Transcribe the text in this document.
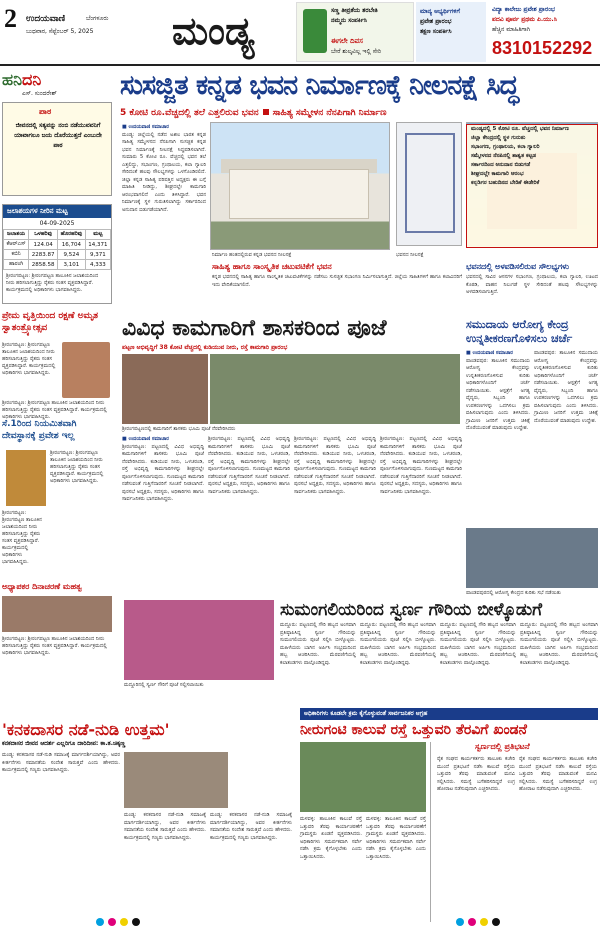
2 ಉದಯವಾಣಿ	ಬೆಂಗಳೂರು
ಬುಧವಾರ, ಸೆಪ್ಟೆಂಬರ್ 5, 2025 ಮಂಡ್ಯ	ಸಣ್ಣ ತೀವ್ರತೆಯ ತರಬೇತಿ
ನಮ್ಮನು ಸಂಪರ್ಕಿಸಿ
ಈಗಲೇ ದಿವಸ
ಬೇರೆ ಶುಲ್ಕವಿಲ್ಲ ಇಲ್ಲಿ ಸೇರಿ
ಮಾನ್ಯ ಅಭ್ಯರ್ಥಿಗಳಿಗೆ
ಪ್ರವೇಶ ಪ್ರಾರಂಭ
ತಕ್ಷಣ ಸಂಪರ್ಕಿಸಿ
ವಿದ್ಯಾ ಕಾಲೇಜು ಪ್ರವೇಶ ಪ್ರಾರಂಭ
ಪದವಿ ಪೂರ್ವ ಪ್ರಥಮ ಪಿ.ಯು.ಸಿ
ಹೆಚ್ಚಿನ ಮಾಹಿತಿಗಾಗಿ
8310152292
ಹನಿದನಿ
ಎಸ್. ಸುಂದರೇಶ್
ಪಾಠ
ಜೀವನದಲ್ಲಿ ಸತ್ಯವನ್ನು ನಂಬಿ ನಡೆಯುವವನಿಗೆ ಯಾವಾಗಲೂ ಜಯ ದೊರೆಯುತ್ತದೆ ಎಂಬುದೇ ಪಾಠ
ಜಲಾಶಯಗಳ ನೀರಿನ ಮಟ್ಟ
04-09-2025
ಜಲಾಶಯ	ಒಳಹರಿವು	ಹೊರಹರಿವು	ಮಟ್ಟ
ಕೆಆರ್‌ಎಸ್	124.04	16,704	14,371
ಕಬಿನಿ	2283.87	9,524	9,371
ಹಾರಂಗಿ	2858.58	3,101	4,333
ಶ್ರೀರಂಗಪಟ್ಟಣ: ಶ್ರೀರಂಗಪಟ್ಟಣ ತಾಲೂಕಿನ ಜಲಾಶಯದಿಂದ ನೀರು ಹರಿಸಲಾಗುತ್ತಿದ್ದು ರೈತರು ಸಂತಸ ವ್ಯಕ್ತಪಡಿಸಿದ್ದಾರೆ. ಕಾರ್ಯಕ್ರಮದಲ್ಲಿ ಅಧಿಕಾರಿಗಳು ಭಾಗವಹಿಸಿದ್ದರು.
ಪ್ರೇಮ ವೃತ್ತಿಯಿಂದ ರಕ್ಷಣೆ ಅಮೃತ ಸ್ವಾತಂತ್ರ್ಯೋತ್ಸವ
ಶ್ರೀರಂಗಪಟ್ಟಣ: ಶ್ರೀರಂಗಪಟ್ಟಣ ತಾಲೂಕಿನ ಜಲಾಶಯದಿಂದ ನೀರು ಹರಿಸಲಾಗುತ್ತಿದ್ದು ರೈತರು ಸಂತಸ ವ್ಯಕ್ತಪಡಿಸಿದ್ದಾರೆ. ಕಾರ್ಯಕ್ರಮದಲ್ಲಿ ಅಧಿಕಾರಿಗಳು ಭಾಗವಹಿಸಿದ್ದರು.
ಶ್ರೀರಂಗಪಟ್ಟಣ: ಶ್ರೀರಂಗಪಟ್ಟಣ ತಾಲೂಕಿನ ಜಲಾಶಯದಿಂದ ನೀರು ಹರಿಸಲಾಗುತ್ತಿದ್ದು ರೈತರು ಸಂತಸ ವ್ಯಕ್ತಪಡಿಸಿದ್ದಾರೆ. ಕಾರ್ಯಕ್ರಮದಲ್ಲಿ ಅಧಿಕಾರಿಗಳು ಭಾಗವಹಿಸಿದ್ದರು.
ಸೆ.1ರಿಂದ ನಿಯಮಿತವಾಗಿ ದೇವಸ್ಥಾನಕ್ಕೆ ಪ್ರವೇಶ ಇಲ್ಲ
ಶ್ರೀರಂಗಪಟ್ಟಣ: ಶ್ರೀರಂಗಪಟ್ಟಣ ತಾಲೂಕಿನ ಜಲಾಶಯದಿಂದ ನೀರು ಹರಿಸಲಾಗುತ್ತಿದ್ದು ರೈತರು ಸಂತಸ ವ್ಯಕ್ತಪಡಿಸಿದ್ದಾರೆ. ಕಾರ್ಯಕ್ರಮದಲ್ಲಿ ಅಧಿಕಾರಿಗಳು ಭಾಗವಹಿಸಿದ್ದರು.
ಶ್ರೀರಂಗಪಟ್ಟಣ: ಶ್ರೀರಂಗಪಟ್ಟಣ ತಾಲೂಕಿನ ಜಲಾಶಯದಿಂದ ನೀರು ಹರಿಸಲಾಗುತ್ತಿದ್ದು ರೈತರು ಸಂತಸ ವ್ಯಕ್ತಪಡಿಸಿದ್ದಾರೆ. ಕಾರ್ಯಕ್ರಮದಲ್ಲಿ ಅಧಿಕಾರಿಗಳು ಭಾಗವಹಿಸಿದ್ದರು.
ಅಧ್ಯಾಪಕರ ದಿನಾಚರಣೆ ಮಹತ್ವ
ಶ್ರೀರಂಗಪಟ್ಟಣ: ಶ್ರೀರಂಗಪಟ್ಟಣ ತಾಲೂಕಿನ ಜಲಾಶಯದಿಂದ ನೀರು ಹರಿಸಲಾಗುತ್ತಿದ್ದು ರೈತರು ಸಂತಸ ವ್ಯಕ್ತಪಡಿಸಿದ್ದಾರೆ. ಕಾರ್ಯಕ್ರಮದಲ್ಲಿ ಅಧಿಕಾರಿಗಳು ಭಾಗವಹಿಸಿದ್ದರು.
ಸುಸಜ್ಜಿತ ಕನ್ನಡ ಭವನ ನಿರ್ಮಾಣಕ್ಕೆ ನೀಲನಕ್ಷೆ ಸಿದ್ಧ
5 ಕೋಟಿ ರೂ.ವೆಚ್ಚದಲ್ಲಿ ತಲೆ ಎತ್ತಲಿರುವ ಭವನ ಸಾಹಿತ್ಯ ಸಮ್ಮೇಳನ ನೆನಪಿಗಾಗಿ ನಿರ್ಮಾಣ
■ ಉದಯವಾಣಿ ಸಮಾಚಾರ
ಮಂಡ್ಯ: ಜಿಲ್ಲೆಯಲ್ಲಿ ನಡೆದ ಅಖಿಲ ಭಾರತ ಕನ್ನಡ ಸಾಹಿತ್ಯ ಸಮ್ಮೇಳನದ ನೆನಪಿಗಾಗಿ ಸುಸಜ್ಜಿತ ಕನ್ನಡ ಭವನ ನಿರ್ಮಾಣಕ್ಕೆ ನೀಲನಕ್ಷೆ ಸಿದ್ಧಪಡಿಸಲಾಗಿದೆ. ಸುಮಾರು 5 ಕೋಟಿ ರೂ. ವೆಚ್ಚದಲ್ಲಿ ಭವನ ತಲೆ ಎತ್ತಲಿದ್ದು, ಸಭಾಂಗಣ, ಗ್ರಂಥಾಲಯ, ಕಲಾ ಗ್ಯಾಲರಿ ಸೇರಿದಂತೆ ಹಲವು ಸೌಲಭ್ಯಗಳನ್ನು ಒಳಗೊಂಡಿರಲಿದೆ. ಜಿಲ್ಲಾ ಕನ್ನಡ ಸಾಹಿತ್ಯ ಪರಿಷತ್ತಿನ ಅಧ್ಯಕ್ಷರು ಈ ಬಗ್ಗೆ ಮಾಹಿತಿ ನೀಡಿದ್ದು, ಶೀಘ್ರದಲ್ಲೇ ಕಾಮಗಾರಿ ಆರಂಭವಾಗಲಿದೆ ಎಂದು ತಿಳಿಸಿದ್ದಾರೆ. ಭವನ ನಿರ್ಮಾಣಕ್ಕೆ ಸ್ಥಳ ಗುರುತಿಸಲಾಗಿದ್ದು ಸರ್ಕಾರದಿಂದ ಅನುದಾನ ಬಿಡುಗಡೆಯಾಗಿದೆ.
ನಿರ್ಮಾಣ ಹಂತದಲ್ಲಿರುವ ಕನ್ನಡ ಭವನದ ನೀಲನಕ್ಷೆ	ಭವನದ ನೀಲನಕ್ಷೆ

ಮಂಡ್ಯದಲ್ಲಿ 5 ಕೋಟಿ ರೂ. ವೆಚ್ಚದಲ್ಲಿ ಭವನ ನಿರ್ಮಾಣ

ಜಿಲ್ಲಾ ಕೇಂದ್ರದಲ್ಲಿ ಸ್ಥಳ ಗುರುತು

ಸಭಾಂಗಣ, ಗ್ರಂಥಾಲಯ, ಕಲಾ ಗ್ಯಾಲರಿ

ಸಮ್ಮೇಳನದ ನೆನಪಿನಲ್ಲಿ ಶಾಶ್ವತ ಕಟ್ಟಡ

ಸರ್ಕಾರದಿಂದ ಅನುದಾನ ಬಿಡುಗಡೆ

ಶೀಘ್ರದಲ್ಲೇ ಕಾಮಗಾರಿ ಆರಂಭ

ಕನ್ನಡಿಗರ ಬಹುದಿನದ ಬೇಡಿಕೆ ಈಡೇರಿಕೆ

ಸಾಹಿತ್ಯ ಹಾಗೂ ಸಾಂಸ್ಕೃತಿಕ ಚಟುವಟಿಕೆಗೆ ಭವನ
ಕನ್ನಡ ಭವನದಲ್ಲಿ ಸಾಹಿತ್ಯ ಹಾಗೂ ಸಾಂಸ್ಕೃತಿಕ ಚಟುವಟಿಕೆಗಳನ್ನು ನಡೆಸಲು ಸುಸಜ್ಜಿತ ಸಭಾಂಗಣ ನಿರ್ಮಿಸಲಾಗುತ್ತಿದೆ. ಜಿಲ್ಲೆಯ ಸಾಹಿತಿಗಳಿಗೆ ಹಾಗೂ ಕಲಾವಿದರಿಗೆ ಇದು ವೇದಿಕೆಯಾಗಲಿದೆ.
ಭವನದಲ್ಲಿ ಅಳವಡಿಸಲಿರುವ ಸೌಲಭ್ಯಗಳು
ಭವನದಲ್ಲಿ ಸಾವಿರ ಆಸನಗಳ ಸಭಾಂಗಣ, ಗ್ರಂಥಾಲಯ, ಕಲಾ ಗ್ಯಾಲರಿ, ಊಟದ ಕೊಠಡಿ, ವಾಹನ ನಿಲುಗಡೆ ಸ್ಥಳ ಸೇರಿದಂತೆ ಹಲವು ಸೌಲಭ್ಯಗಳನ್ನು ಅಳವಡಿಸಲಾಗುತ್ತಿದೆ.
ವಿವಿಧ ಕಾಮಗಾರಿಗೆ ಶಾಸಕರಿಂದ ಪೂಜೆ
ಪಟ್ಟಣ ಅಭಿವೃದ್ಧಿಗೆ 38 ಕೋಟಿ ವೆಚ್ಚದಲ್ಲಿ ಕುಡಿಯುವ ನೀರು, ರಸ್ತೆ ಕಾಮಗಾರಿ ಪ್ರಾರಂಭ
ಶ್ರೀರಂಗಪಟ್ಟಣದಲ್ಲಿ ಕಾಮಗಾರಿಗೆ ಶಾಸಕರು ಭೂಮಿ ಪೂಜೆ ನೆರವೇರಿಸಿದರು
■ ಉದಯವಾಣಿ ಸಮಾಚಾರ
ಶ್ರೀರಂಗಪಟ್ಟಣ: ಪಟ್ಟಣದಲ್ಲಿ ವಿವಿಧ ಅಭಿವೃದ್ಧಿ ಕಾಮಗಾರಿಗಳಿಗೆ ಶಾಸಕರು ಭೂಮಿ ಪೂಜೆ ನೆರವೇರಿಸಿದರು. ಕುಡಿಯುವ ನೀರು, ಒಳಚರಂಡಿ, ರಸ್ತೆ ಅಭಿವೃದ್ಧಿ ಕಾಮಗಾರಿಗಳನ್ನು ಶೀಘ್ರದಲ್ಲೇ ಪೂರ್ಣಗೊಳಿಸಲಾಗುವುದು. ಗುಣಮಟ್ಟದ ಕಾಮಗಾರಿ ನಡೆಸುವಂತೆ ಗುತ್ತಿಗೆದಾರರಿಗೆ ಸೂಚನೆ ನೀಡಲಾಗಿದೆ. ಪುರಸಭೆ ಅಧ್ಯಕ್ಷರು, ಸದಸ್ಯರು, ಅಧಿಕಾರಿಗಳು ಹಾಗೂ ಸಾರ್ವಜನಿಕರು ಭಾಗವಹಿಸಿದ್ದರು.
ಶ್ರೀರಂಗಪಟ್ಟಣ: ಪಟ್ಟಣದಲ್ಲಿ ವಿವಿಧ ಅಭಿವೃದ್ಧಿ ಕಾಮಗಾರಿಗಳಿಗೆ ಶಾಸಕರು ಭೂಮಿ ಪೂಜೆ ನೆರವೇರಿಸಿದರು. ಕುಡಿಯುವ ನೀರು, ಒಳಚರಂಡಿ, ರಸ್ತೆ ಅಭಿವೃದ್ಧಿ ಕಾಮಗಾರಿಗಳನ್ನು ಶೀಘ್ರದಲ್ಲೇ ಪೂರ್ಣಗೊಳಿಸಲಾಗುವುದು. ಗುಣಮಟ್ಟದ ಕಾಮಗಾರಿ ನಡೆಸುವಂತೆ ಗುತ್ತಿಗೆದಾರರಿಗೆ ಸೂಚನೆ ನೀಡಲಾಗಿದೆ. ಪುರಸಭೆ ಅಧ್ಯಕ್ಷರು, ಸದಸ್ಯರು, ಅಧಿಕಾರಿಗಳು ಹಾಗೂ ಸಾರ್ವಜನಿಕರು ಭಾಗವಹಿಸಿದ್ದರು.
ಶ್ರೀರಂಗಪಟ್ಟಣ: ಪಟ್ಟಣದಲ್ಲಿ ವಿವಿಧ ಅಭಿವೃದ್ಧಿ ಕಾಮಗಾರಿಗಳಿಗೆ ಶಾಸಕರು ಭೂಮಿ ಪೂಜೆ ನೆರವೇರಿಸಿದರು. ಕುಡಿಯುವ ನೀರು, ಒಳಚರಂಡಿ, ರಸ್ತೆ ಅಭಿವೃದ್ಧಿ ಕಾಮಗಾರಿಗಳನ್ನು ಶೀಘ್ರದಲ್ಲೇ ಪೂರ್ಣಗೊಳಿಸಲಾಗುವುದು. ಗುಣಮಟ್ಟದ ಕಾಮಗಾರಿ ನಡೆಸುವಂತೆ ಗುತ್ತಿಗೆದಾರರಿಗೆ ಸೂಚನೆ ನೀಡಲಾಗಿದೆ. ಪುರಸಭೆ ಅಧ್ಯಕ್ಷರು, ಸದಸ್ಯರು, ಅಧಿಕಾರಿಗಳು ಹಾಗೂ ಸಾರ್ವಜನಿಕರು ಭಾಗವಹಿಸಿದ್ದರು.
ಶ್ರೀರಂಗಪಟ್ಟಣ: ಪಟ್ಟಣದಲ್ಲಿ ವಿವಿಧ ಅಭಿವೃದ್ಧಿ ಕಾಮಗಾರಿಗಳಿಗೆ ಶಾಸಕರು ಭೂಮಿ ಪೂಜೆ ನೆರವೇರಿಸಿದರು. ಕುಡಿಯುವ ನೀರು, ಒಳಚರಂಡಿ, ರಸ್ತೆ ಅಭಿವೃದ್ಧಿ ಕಾಮಗಾರಿಗಳನ್ನು ಶೀಘ್ರದಲ್ಲೇ ಪೂರ್ಣಗೊಳಿಸಲಾಗುವುದು. ಗುಣಮಟ್ಟದ ಕಾಮಗಾರಿ ನಡೆಸುವಂತೆ ಗುತ್ತಿಗೆದಾರರಿಗೆ ಸೂಚನೆ ನೀಡಲಾಗಿದೆ. ಪುರಸಭೆ ಅಧ್ಯಕ್ಷರು, ಸದಸ್ಯರು, ಅಧಿಕಾರಿಗಳು ಹಾಗೂ ಸಾರ್ವಜನಿಕರು ಭಾಗವಹಿಸಿದ್ದರು.
ಸಮುದಾಯ ಆರೋಗ್ಯ ಕೇಂದ್ರ ಉನ್ನತೀಕರಣಗೊಳಿಸಲು ಚರ್ಚೆ
■ ಉದಯವಾಣಿ ಸಮಾಚಾರ
ಪಾಂಡವಪುರ: ತಾಲೂಕಿನ ಸಮುದಾಯ ಆರೋಗ್ಯ ಕೇಂದ್ರವನ್ನು ಉನ್ನತೀಕರಣಗೊಳಿಸುವ ಕುರಿತು ಅಧಿಕಾರಿಗಳೊಂದಿಗೆ ಚರ್ಚೆ ನಡೆಸಲಾಯಿತು. ಆಸ್ಪತ್ರೆಗೆ ಅಗತ್ಯ ವೈದ್ಯರು, ಸಿಬ್ಬಂದಿ ಹಾಗೂ ಉಪಕರಣಗಳನ್ನು ಒದಗಿಸಲು ಕ್ರಮ ವಹಿಸಲಾಗುವುದು ಎಂದು ತಿಳಿಸಿದರು. ಗ್ರಾಮೀಣ ಜನರಿಗೆ ಉತ್ತಮ ಚಿಕಿತ್ಸೆ ದೊರೆಯುವಂತೆ ಮಾಡುವುದು ಉದ್ದೇಶ.
ಪಾಂಡವಪುರ: ತಾಲೂಕಿನ ಸಮುದಾಯ ಆರೋಗ್ಯ ಕೇಂದ್ರವನ್ನು ಉನ್ನತೀಕರಣಗೊಳಿಸುವ ಕುರಿತು ಅಧಿಕಾರಿಗಳೊಂದಿಗೆ ಚರ್ಚೆ ನಡೆಸಲಾಯಿತು. ಆಸ್ಪತ್ರೆಗೆ ಅಗತ್ಯ ವೈದ್ಯರು, ಸಿಬ್ಬಂದಿ ಹಾಗೂ ಉಪಕರಣಗಳನ್ನು ಒದಗಿಸಲು ಕ್ರಮ ವಹಿಸಲಾಗುವುದು ಎಂದು ತಿಳಿಸಿದರು. ಗ್ರಾಮೀಣ ಜನರಿಗೆ ಉತ್ತಮ ಚಿಕಿತ್ಸೆ ದೊರೆಯುವಂತೆ ಮಾಡುವುದು ಉದ್ದೇಶ.
ಪಾಂಡವಪುರದಲ್ಲಿ ಆರೋಗ್ಯ ಕೇಂದ್ರದ ಕುರಿತು ಸಭೆ ನಡೆಯಿತು
ಮದ್ದೂರಿನಲ್ಲಿ ಸ್ವರ್ಣ ಗೌರಿಗೆ ಪೂಜೆ ಸಲ್ಲಿಸಲಾಯಿತು
ಸುಮಂಗಲಿಯರಿಂದ ಸ್ವರ್ಣ ಗೌರಿಯ ಬೀಳ್ಕೊಡುಗೆ
ಮದ್ದೂರು: ಪಟ್ಟಣದಲ್ಲಿ ಗೌರಿ ಹಬ್ಬದ ಅಂಗವಾಗಿ ಪ್ರತಿಷ್ಠಾಪಿಸಿದ್ದ ಸ್ವರ್ಣ ಗೌರಿಯನ್ನು ಸುಮಂಗಲಿಯರು ಪೂಜೆ ಸಲ್ಲಿಸಿ ಬೀಳ್ಕೊಟ್ಟರು. ಮಹಿಳೆಯರು ಬಾಗಿನ ಅರ್ಪಿಸಿ ಸಂಭ್ರಮದಿಂದ ಹಬ್ಬ ಆಚರಿಸಿದರು. ಮೆರವಣಿಗೆಯಲ್ಲಿ ಕಲಾತಂಡಗಳು ಪಾಲ್ಗೊಂಡಿದ್ದವು.
ಮದ್ದೂರು: ಪಟ್ಟಣದಲ್ಲಿ ಗೌರಿ ಹಬ್ಬದ ಅಂಗವಾಗಿ ಪ್ರತಿಷ್ಠಾಪಿಸಿದ್ದ ಸ್ವರ್ಣ ಗೌರಿಯನ್ನು ಸುಮಂಗಲಿಯರು ಪೂಜೆ ಸಲ್ಲಿಸಿ ಬೀಳ್ಕೊಟ್ಟರು. ಮಹಿಳೆಯರು ಬಾಗಿನ ಅರ್ಪಿಸಿ ಸಂಭ್ರಮದಿಂದ ಹಬ್ಬ ಆಚರಿಸಿದರು. ಮೆರವಣಿಗೆಯಲ್ಲಿ ಕಲಾತಂಡಗಳು ಪಾಲ್ಗೊಂಡಿದ್ದವು.
ಮದ್ದೂರು: ಪಟ್ಟಣದಲ್ಲಿ ಗೌರಿ ಹಬ್ಬದ ಅಂಗವಾಗಿ ಪ್ರತಿಷ್ಠಾಪಿಸಿದ್ದ ಸ್ವರ್ಣ ಗೌರಿಯನ್ನು ಸುಮಂಗಲಿಯರು ಪೂಜೆ ಸಲ್ಲಿಸಿ ಬೀಳ್ಕೊಟ್ಟರು. ಮಹಿಳೆಯರು ಬಾಗಿನ ಅರ್ಪಿಸಿ ಸಂಭ್ರಮದಿಂದ ಹಬ್ಬ ಆಚರಿಸಿದರು. ಮೆರವಣಿಗೆಯಲ್ಲಿ ಕಲಾತಂಡಗಳು ಪಾಲ್ಗೊಂಡಿದ್ದವು.
ಮದ್ದೂರು: ಪಟ್ಟಣದಲ್ಲಿ ಗೌರಿ ಹಬ್ಬದ ಅಂಗವಾಗಿ ಪ್ರತಿಷ್ಠಾಪಿಸಿದ್ದ ಸ್ವರ್ಣ ಗೌರಿಯನ್ನು ಸುಮಂಗಲಿಯರು ಪೂಜೆ ಸಲ್ಲಿಸಿ ಬೀಳ್ಕೊಟ್ಟರು. ಮಹಿಳೆಯರು ಬಾಗಿನ ಅರ್ಪಿಸಿ ಸಂಭ್ರಮದಿಂದ ಹಬ್ಬ ಆಚರಿಸಿದರು. ಮೆರವಣಿಗೆಯಲ್ಲಿ ಕಲಾತಂಡಗಳು ಪಾಲ್ಗೊಂಡಿದ್ದವು.
'ಕನಕದಾಸರ ನಡೆ-ನುಡಿ ಉತ್ತಮ'
ಕನಕದಾಸರ ಜೀವನ ಆದರ್ಶ ಎಲ್ಲರಿಗೂ ದಾರಿದೀಪ: ಕಾ.ತ.ಚಿಕ್ಕಣ್ಣ
ಮಂಡ್ಯ: ಕನಕದಾಸರ ನಡೆ-ನುಡಿ ಸಮಾಜಕ್ಕೆ ಮಾರ್ಗದರ್ಶಿಯಾಗಿದ್ದು, ಅವರ ಕೀರ್ತನೆಗಳು ಸಮಾನತೆಯ ಸಂದೇಶ ಸಾರುತ್ತವೆ ಎಂದು ಹೇಳಿದರು. ಕಾರ್ಯಕ್ರಮದಲ್ಲಿ ಗಣ್ಯರು ಭಾಗವಹಿಸಿದ್ದರು.
ಮಂಡ್ಯ: ಕನಕದಾಸರ ನಡೆ-ನುಡಿ ಸಮಾಜಕ್ಕೆ ಮಾರ್ಗದರ್ಶಿಯಾಗಿದ್ದು, ಅವರ ಕೀರ್ತನೆಗಳು ಸಮಾನತೆಯ ಸಂದೇಶ ಸಾರುತ್ತವೆ ಎಂದು ಹೇಳಿದರು. ಕಾರ್ಯಕ್ರಮದಲ್ಲಿ ಗಣ್ಯರು ಭಾಗವಹಿಸಿದ್ದರು.
ಮಂಡ್ಯ: ಕನಕದಾಸರ ನಡೆ-ನುಡಿ ಸಮಾಜಕ್ಕೆ ಮಾರ್ಗದರ್ಶಿಯಾಗಿದ್ದು, ಅವರ ಕೀರ್ತನೆಗಳು ಸಮಾನತೆಯ ಸಂದೇಶ ಸಾರುತ್ತವೆ ಎಂದು ಹೇಳಿದರು. ಕಾರ್ಯಕ್ರಮದಲ್ಲಿ ಗಣ್ಯರು ಭಾಗವಹಿಸಿದ್ದರು.
ಅಧಿಕಾರಿಗಳು ಕೂಡಲೇ ಕ್ರಮ ಕೈಗೊಳ್ಳುವಂತೆ ಸಾರ್ವಜನಿಕರ ಆಗ್ರಹ
ನೀರುಗಂಟಿ ಕಾಲುವೆ ರಸ್ತೆ ಒತ್ತುವರಿ ತೆರವಿಗೆ ಖಂಡನೆ
ಮಳವಳ್ಳಿ: ತಾಲೂಕಿನ ಕಾಲುವೆ ರಸ್ತೆ ಒತ್ತುವರಿ ತೆರವು ಕಾರ್ಯಾಚರಣೆಗೆ ಗ್ರಾಮಸ್ಥರು ಖಂಡನೆ ವ್ಯಕ್ತಪಡಿಸಿದರು. ಅಧಿಕಾರಿಗಳು ಸಮರ್ಪಕವಾಗಿ ಸರ್ವೇ ನಡೆಸಿ ಕ್ರಮ ಕೈಗೊಳ್ಳಬೇಕು ಎಂದು ಒತ್ತಾಯಿಸಿದರು.
ಮಳವಳ್ಳಿ: ತಾಲೂಕಿನ ಕಾಲುವೆ ರಸ್ತೆ ಒತ್ತುವರಿ ತೆರವು ಕಾರ್ಯಾಚರಣೆಗೆ ಗ್ರಾಮಸ್ಥರು ಖಂಡನೆ ವ್ಯಕ್ತಪಡಿಸಿದರು. ಅಧಿಕಾರಿಗಳು ಸಮರ್ಪಕವಾಗಿ ಸರ್ವೇ ನಡೆಸಿ ಕ್ರಮ ಕೈಗೊಳ್ಳಬೇಕು ಎಂದು ಒತ್ತಾಯಿಸಿದರು.
ಸ್ವರ್ಣದಲ್ಲಿ ಪ್ರತಿಭಟನೆ
ರೈತ ಸಂಘದ ಕಾರ್ಯಕರ್ತರು ತಾಲೂಕು ಕಚೇರಿ ಮುಂದೆ ಪ್ರತಿಭಟನೆ ನಡೆಸಿ ಕಾಲುವೆ ರಸ್ತೆಯ ಒತ್ತುವರಿ ತೆರವು ಮಾಡುವಂತೆ ಮನವಿ ಸಲ್ಲಿಸಿದರು. ಸಮಸ್ಯೆ ಬಗೆಹರಿಸದಿದ್ದರೆ ಉಗ್ರ ಹೋರಾಟ ನಡೆಸುವುದಾಗಿ ಎಚ್ಚರಿಸಿದರು.
ರೈತ ಸಂಘದ ಕಾರ್ಯಕರ್ತರು ತಾಲೂಕು ಕಚೇರಿ ಮುಂದೆ ಪ್ರತಿಭಟನೆ ನಡೆಸಿ ಕಾಲುವೆ ರಸ್ತೆಯ ಒತ್ತುವರಿ ತೆರವು ಮಾಡುವಂತೆ ಮನವಿ ಸಲ್ಲಿಸಿದರು. ಸಮಸ್ಯೆ ಬಗೆಹರಿಸದಿದ್ದರೆ ಉಗ್ರ ಹೋರಾಟ ನಡೆಸುವುದಾಗಿ ಎಚ್ಚರಿಸಿದರು.
